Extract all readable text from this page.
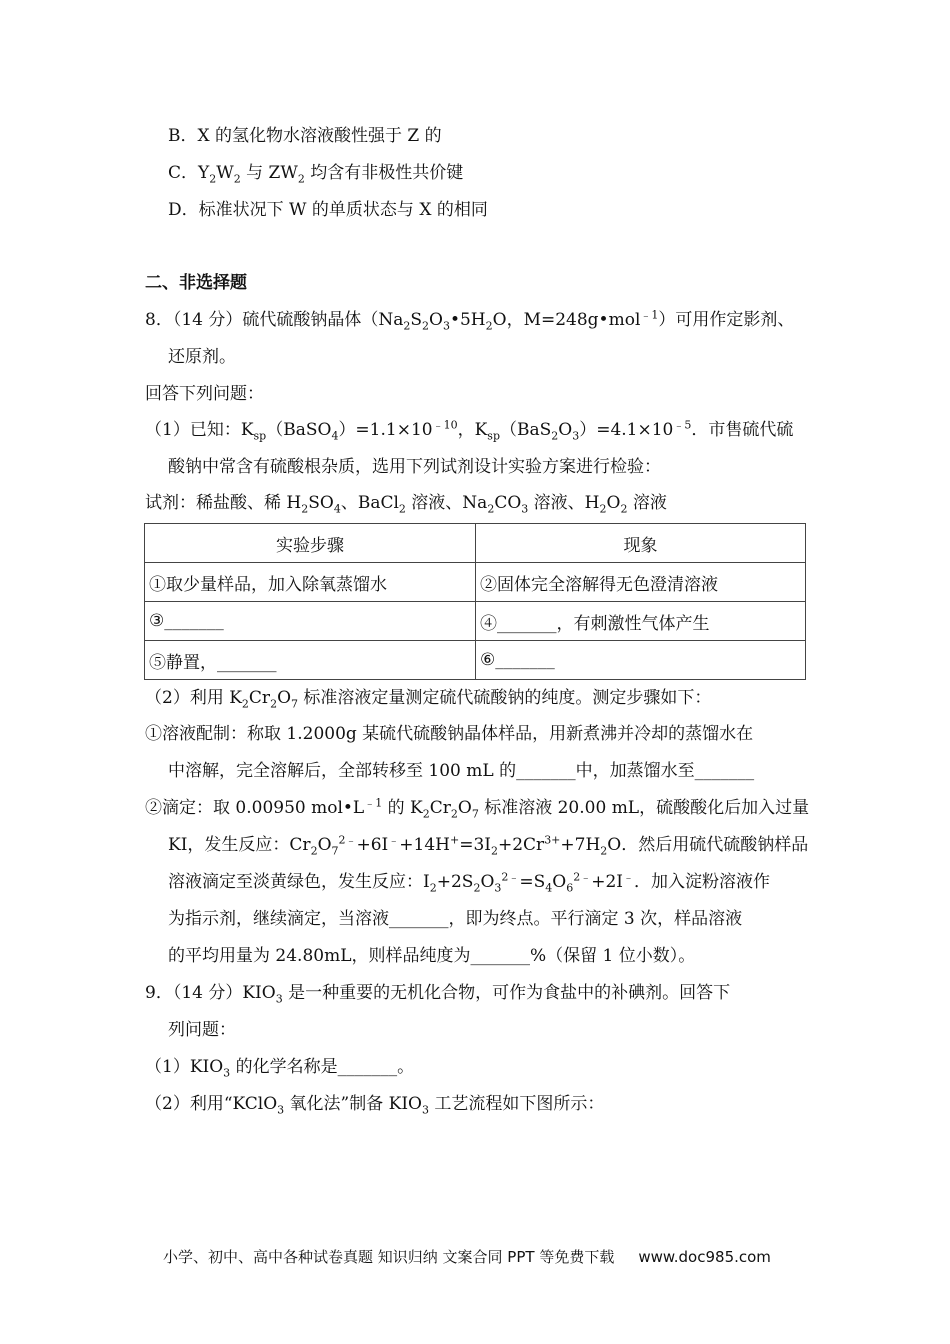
B．X 的氢化物水溶液酸性强于 Z 的
C．$Y_2W_2$ 与 $ZW_2$ 均含有非极性共价键
D．标准状况下 W 的单质状态与 X 的相同
二、非选择题
8．（14 分）硫代硫酸钠晶体（$Na_2S_2O_3•5H_2O$，M=248g•mol$^{﹣1}$）可用作定影剂、
还原剂。
回答下列问题：
（1）已知：$K_{sp}(BaSO_4)=1.1\times 10^{﹣10}$，$K_{sp}(BaS_2O_3)=4.1\times 10^{﹣5}$．市售硫代硫
酸钠中常含有硫酸根杂质，选用下列试剂设计实验方案进行检验：
试剂：稀盐酸、稀 $H_2SO_4$、BaCl$_2$ 溶液、$Na_2CO_3$ 溶液、$H_2O_2$ 溶液
实验步骤	现象
①取少量样品，加入除氧蒸馏水	②固体完全溶解得无色澄清溶液
③_______	④_______，有刺激性气体产生
⑤静置，_______	⑥_______
（2）利用 $K_2Cr_2O_7$ 标准溶液定量测定硫代硫酸钠的纯度。测定步骤如下：
①溶液配制：称取 1.2000g 某硫代硫酸钠晶体样品，用新煮沸并冷却的蒸馏水在
中溶解，完全溶解后，全部转移至 100 mL 的_______中，加蒸馏水至_______
②滴定：取 0.00950 $mol•L^{﹣1}$ 的 $K_2Cr_2O_7$ 标准溶液 20.00 mL，硫酸酸化后加入过量
KI，发生反应：$Cr_2O_7^{2﹣}+6I^﹣+14H^+=3I_2+2Cr^{3+}+7H_2O$．然后用硫代硫酸钠样品
溶液滴定至淡黄绿色，发生反应：$I_2+2S_2O_3^{2﹣}=S_4O_6^{2﹣}+2I^﹣$．加入淀粉溶液作
为指示剂，继续滴定，当溶液_______，即为终点。平行滴定 3 次，样品溶液
的平均用量为 24.80mL，则样品纯度为_______%（保留 1 位小数）。
9．（14 分）$KIO_3$ 是一种重要的无机化合物，可作为食盐中的补碘剂。回答下
列问题：
$(1)KIO_3$ 的化学名称是_______。
（2）利用“KClO$_3$ 氧化法”制备 $KIO_3$ 工艺流程如下图所示：
小学、初中、高中各种试卷真题 知识归纳 文案合同 PPT 等免费下载 www.doc985.com
